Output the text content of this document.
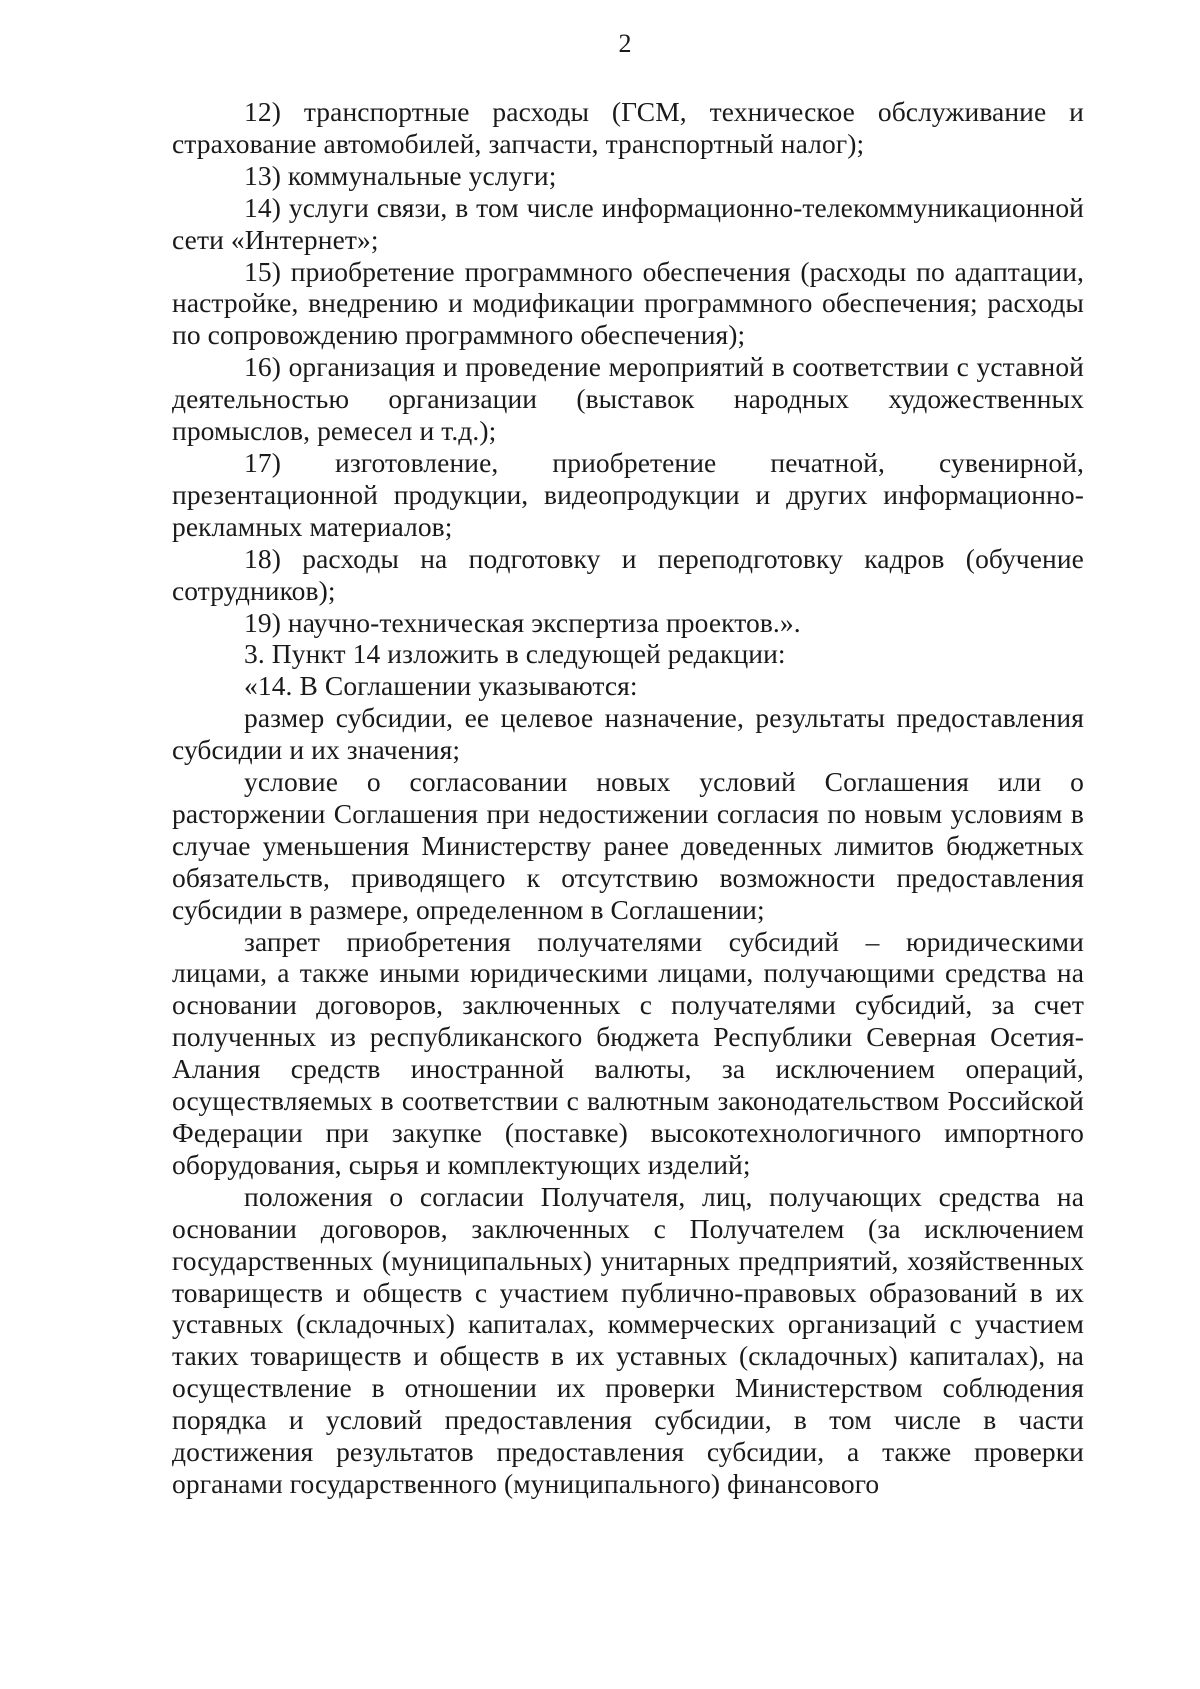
2

12) транспортные расходы (ГСМ, техническое обслуживание и страхование автомобилей, запчасти, транспортный налог);

13) коммунальные услуги;

14) услуги связи, в том числе информационно-телекоммуникационной сети «Интернет»;

15) приобретение программного обеспечения (расходы по адаптации, настройке, внедрению и модификации программного обеспечения; расходы по сопровождению программного обеспечения);

16) организация и проведение мероприятий в соответствии с уставной деятельностью организации (выставок народных художественных промыслов, ремесел и т.д.);

17) изготовление, приобретение печатной, сувенирной, презентационной продукции, видеопродукции и других информационно-рекламных материалов;

18) расходы на подготовку и переподготовку кадров (обучение сотрудников);

19) научно-техническая экспертиза проектов.».

3. Пункт 14 изложить в следующей редакции:

«14. В Соглашении указываются:

размер субсидии, ее целевое назначение, результаты предоставления субсидии и их значения;

условие о согласовании новых условий Соглашения или о расторжении Соглашения при недостижении согласия по новым условиям в случае уменьшения Министерству ранее доведенных лимитов бюджетных обязательств, приводящего к отсутствию возможности предоставления субсидии в размере, определенном в Соглашении;

запрет приобретения получателями субсидий – юридическими лицами, а также иными юридическими лицами, получающими средства на основании договоров, заключенных с получателями субсидий, за счет полученных из республиканского бюджета Республики Северная Осетия-Алания средств иностранной валюты, за исключением операций, осуществляемых в соответствии с валютным законодательством Российской Федерации при закупке (поставке) высокотехнологичного импортного оборудования, сырья и комплектующих изделий;

положения о согласии Получателя, лиц, получающих средства на основании договоров, заключенных с Получателем (за исключением государственных (муниципальных) унитарных предприятий, хозяйственных товариществ и обществ с участием публично-правовых образований в их уставных (складочных) капиталах, коммерческих организаций с участием таких товариществ и обществ в их уставных (складочных) капиталах), на осуществление в отношении их проверки Министерством соблюдения порядка и условий предоставления субсидии, в том числе в части достижения результатов предоставления субсидии, а также проверки органами государственного (муниципального) финансового
